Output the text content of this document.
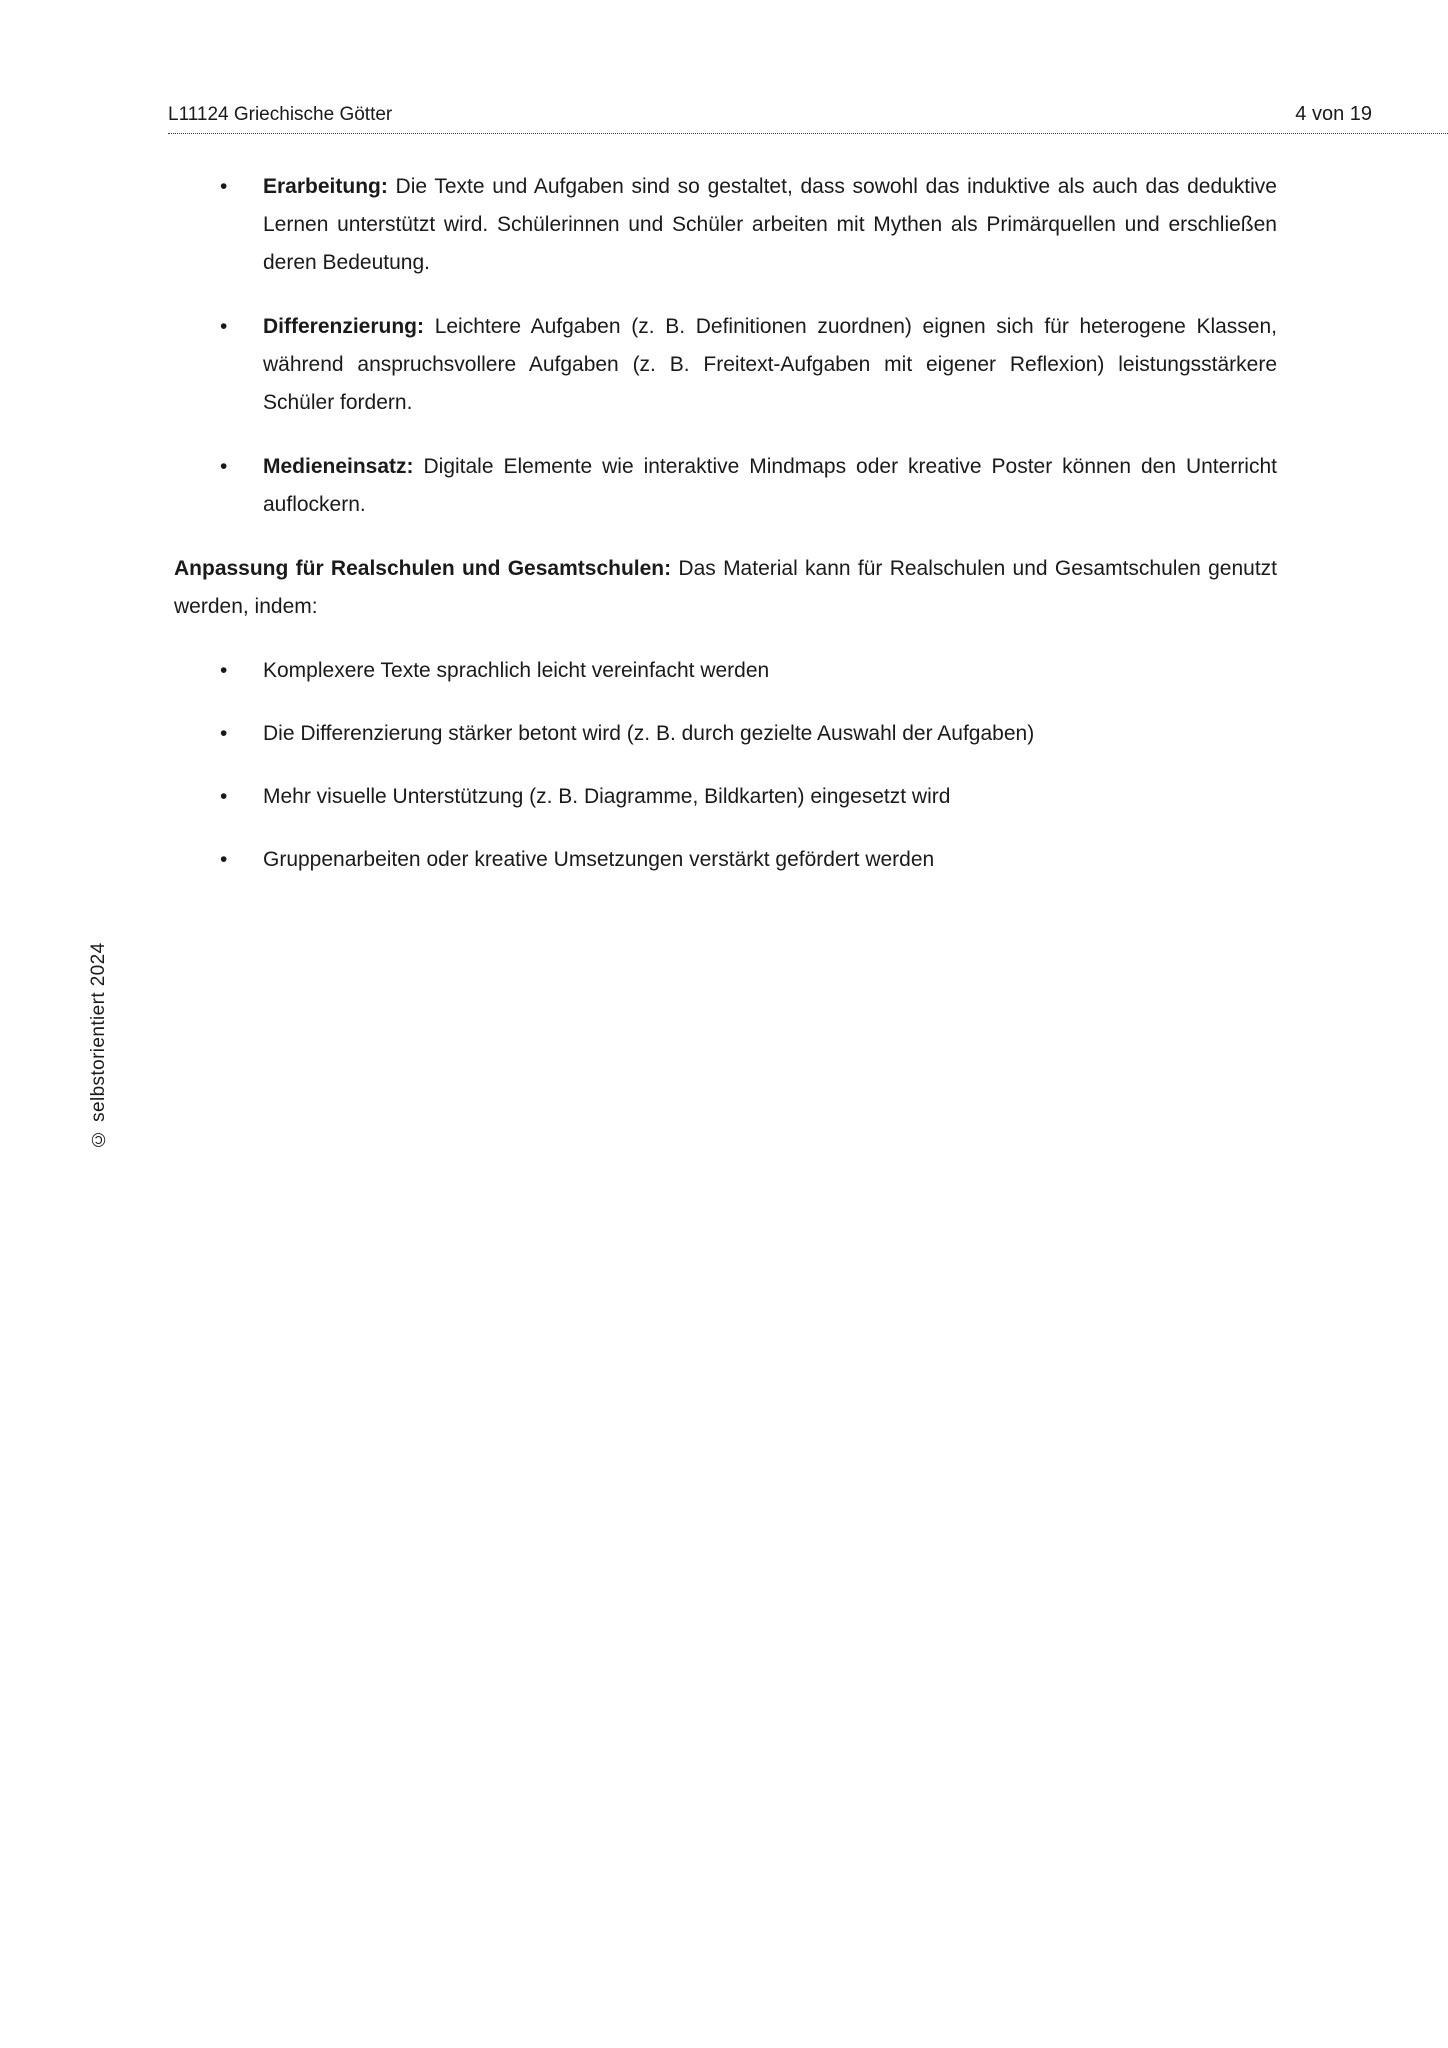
L11124 Griechische Götter	4 von 19
© selbstorientiert 2024
• Erarbeitung: Die Texte und Aufgaben sind so gestaltet, dass sowohl das induktive als auch das deduktive Lernen unterstützt wird. Schülerinnen und Schüler arbeiten mit Mythen als Primärquellen und erschließen deren Bedeutung.
• Differenzierung: Leichtere Aufgaben (z. B. Definitionen zuordnen) eignen sich für heterogene Klassen, während anspruchsvollere Aufgaben (z. B. Freitext-Aufgaben mit eigener Reflexion) leistungsstärkere Schüler fordern.
• Medieneinsatz: Digitale Elemente wie interaktive Mindmaps oder kreative Poster können den Unterricht auflockern.

Anpassung für Realschulen und Gesamtschulen: Das Material kann für Realschulen und Gesamtschulen genutzt werden, indem:

• Komplexere Texte sprachlich leicht vereinfacht werden
• Die Differenzierung stärker betont wird (z. B. durch gezielte Auswahl der Aufgaben)
• Mehr visuelle Unterstützung (z. B. Diagramme, Bildkarten) eingesetzt wird
• Gruppenarbeiten oder kreative Umsetzungen verstärkt gefördert werden
